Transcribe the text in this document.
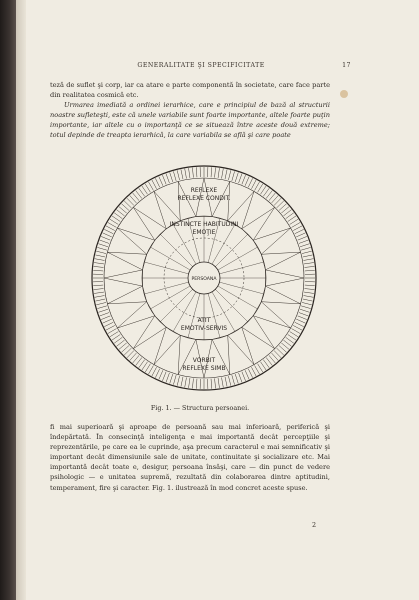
GENERALITATE ŞI SPECIFICITATE	17

teză de suflet şi corp, iar ca atare e parte componentă în societate, care face parte din realitatea cosmică etc.

Urmarea imediată a ordinei ierarhice, care e principiul de bază al structurii noastre sufleteşti, este că unele variabile sunt foarte importante, altele foarte puţin importante, iar altele cu o importanţă ce se situează între aceste două extreme; totul depinde de treapta ierarhică, la care variabila se află şi care poate

PERSOANA
REFLEXE
REFLEXE CONDIT.
INSTINCTE HABITUDINI
EMOŢIE
ATIT
EMOTIV-SERVIS
VORBIT
REFLEXE SIMB
Fig. 1. — Structura persoanei.

fi mai superioară şi aproape de persoană sau mai inferioară, periferică şi îndepărtată. În consecinţă inteligenţa e mai importantă decât percepţiile şi reprezentările, pe care ea le cuprinde, aşa precum caracterul e mai semnificativ şi important decât dimensiunile sale de unitate, continuitate şi socializare etc. Mai importantă decât toate e, desigur, persoana însăşi, care — din punct de vedere psihologic — e unitatea supremă, rezultată din colaborarea dintre aptitudini, temperament, fire şi caracter. Fig. 1. ilustrează în mod concret aceste spuse.

2
